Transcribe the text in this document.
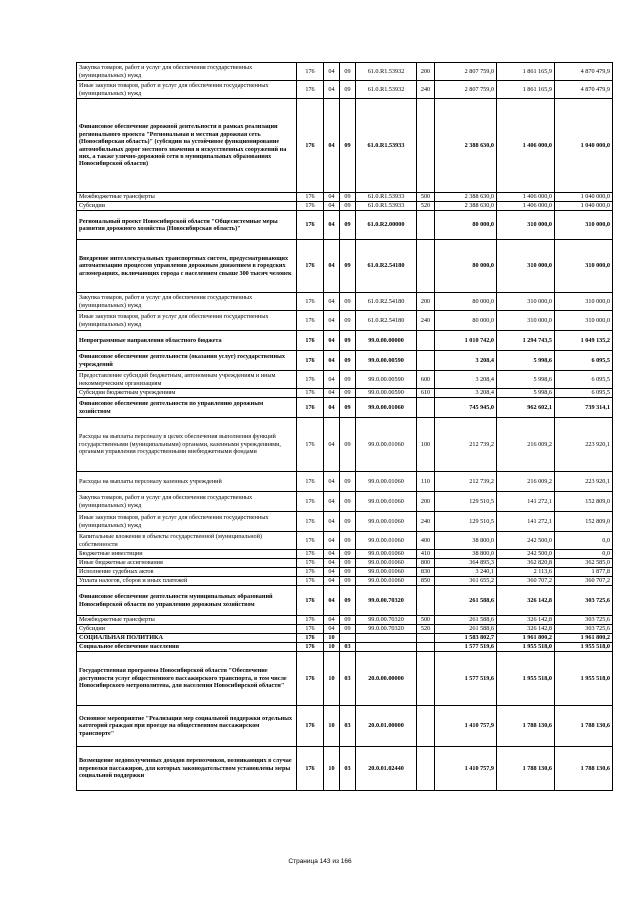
Закупка товаров, работ и услуг для обеспечения государственных (муниципальных) нужд	176	04	09	61.0.R1.53932	200	2 807 759,0	1 861 165,9	4 870 479,9
Иные закупки товаров, работ и услуг для обеспечения государственных (муниципальных) нужд	176	04	09	61.0.R1.53932	240	2 807 759,0	1 861 165,9	4 870 479,9
Финансовое обеспечение дорожной деятельности в рамках реализации регионального проекта "Региональная и местная дорожная сеть (Новосибирская область)" (субсидии на устойчивое функционирование автомобильных дорог местного значения и искусственных сооружений на них, а также улично-дорожной сети в муниципальных образованиях Новосибирской области)	176	04	09	61.0.R1.53933		2 388 630,0	1 406 000,0	1 040 000,0
Межбюджетные трансферты	176	04	09	61.0.R1.53933	500	2 388 630,0	1 406 000,0	1 040 000,0
Субсидии	176	04	09	61.0.R1.53933	520	2 388 630,0	1 406 000,0	1 040 000,0
Региональный проект Новосибирской области "Общесистемные меры развития дорожного хозяйства (Новосибирская область)"	176	04	09	61.0.R2.00000		80 000,0	310 000,0	310 000,0
Внедрение интеллектуальных транспортных систем, предусматривающих автоматизацию процессов управления дорожным движением в городских агломерациях, включающих города с населением свыше 300 тысяч человек	176	04	09	61.0.R2.54180		80 000,0	310 000,0	310 000,0
Закупка товаров, работ и услуг для обеспечения государственных (муниципальных) нужд	176	04	09	61.0.R2.54180	200	80 000,0	310 000,0	310 000,0
Иные закупки товаров, работ и услуг для обеспечения государственных (муниципальных) нужд	176	04	09	61.0.R2.54180	240	80 000,0	310 000,0	310 000,0
Непрограммные направления областного бюджета	176	04	09	99.0.00.00000		1 010 742,0	1 294 743,5	1 049 135,2
Финансовое обеспечение деятельности (оказания услуг) государственных учреждений	176	04	09	99.0.00.00590		3 208,4	5 998,6	6 095,5
Предоставление субсидий бюджетным, автономным учреждениям и иным некоммерческим организациям	176	04	09	99.0.00.00590	600	3 208,4	5 998,6	6 095,5
Субсидии бюджетным учреждениям	176	04	09	99.0.00.00590	610	3 208,4	5 998,6	6 095,5
Финансовое обеспечение деятельности по управлению дорожным хозяйством	176	04	09	99.0.00.01060		745 945,0	962 602,1	739 314,1
Расходы на выплаты персоналу в целях обеспечения выполнения функций государственными (муниципальными) органами, казенными учреждениями, органами управления государственными внебюджетными фондами	176	04	09	99.0.00.01060	100	212 739,2	216 009,2	223 920,1
Расходы на выплаты персоналу казенных учреждений	176	04	09	99.0.00.01060	110	212 739,2	216 009,2	223 920,1
Закупка товаров, работ и услуг для обеспечения государственных (муниципальных) нужд	176	04	09	99.0.00.01060	200	129 510,5	141 272,1	152 809,0
Иные закупки товаров, работ и услуг для обеспечения государственных (муниципальных) нужд	176	04	09	99.0.00.01060	240	129 510,5	141 272,1	152 809,0
Капитальные вложения в объекты государственной (муниципальной) собственности	176	04	09	99.0.00.01060	400	38 800,0	242 500,0	0,0
Бюджетные инвестиции	176	04	09	99.0.00.01060	410	38 800,0	242 500,0	0,0
Иные бюджетные ассигнования	176	04	09	99.0.00.01060	800	364 895,3	362 820,8	362 585,0
Исполнение судебных актов	176	04	09	99.0.00.01060	830	3 240,1	2 113,6	1 877,8
Уплата налогов, сборов и иных платежей	176	04	09	99.0.00.01060	850	361 655,2	360 707,2	360 707,2
Финансовое обеспечение деятельности муниципальных образований Новосибирской области по управлению дорожным хозяйством	176	04	09	99.0.00.70320		261 588,6	326 142,8	303 725,6
Межбюджетные трансферты	176	04	09	99.0.00.70320	500	261 588,6	326 142,8	303 725,6
Субсидии	176	04	09	99.0.00.70320	520	261 588,6	326 142,8	303 725,6
СОЦИАЛЬНАЯ ПОЛИТИКА	176	10				1 583 802,7	1 961 800,2	1 961 800,2
Социальное обеспечение населения	176	10	03			1 577 519,6	1 955 518,0	1 955 518,0
Государственная программа Новосибирской области "Обеспечение доступности услуг общественного пассажирского транспорта, в том числе Новосибирского метрополитена, для населения Новосибирской области"	176	10	03	20.0.00.00000		1 577 519,6	1 955 518,0	1 955 518,0
Основное мероприятие "Реализация мер социальной поддержки отдельных категорий граждан при проезде на общественном пассажирском транспорте"	176	10	03	20.0.01.00000		1 410 757,9	1 788 130,6	1 788 130,6
Возмещение недополученных доходов перевозчиков, возникающих в случае перевозки пассажиров, для которых законодательством установлены меры социальной поддержки	176	10	03	20.0.01.02440		1 410 757,9	1 788 130,6	1 788 130,6
Страница 143 из 166
